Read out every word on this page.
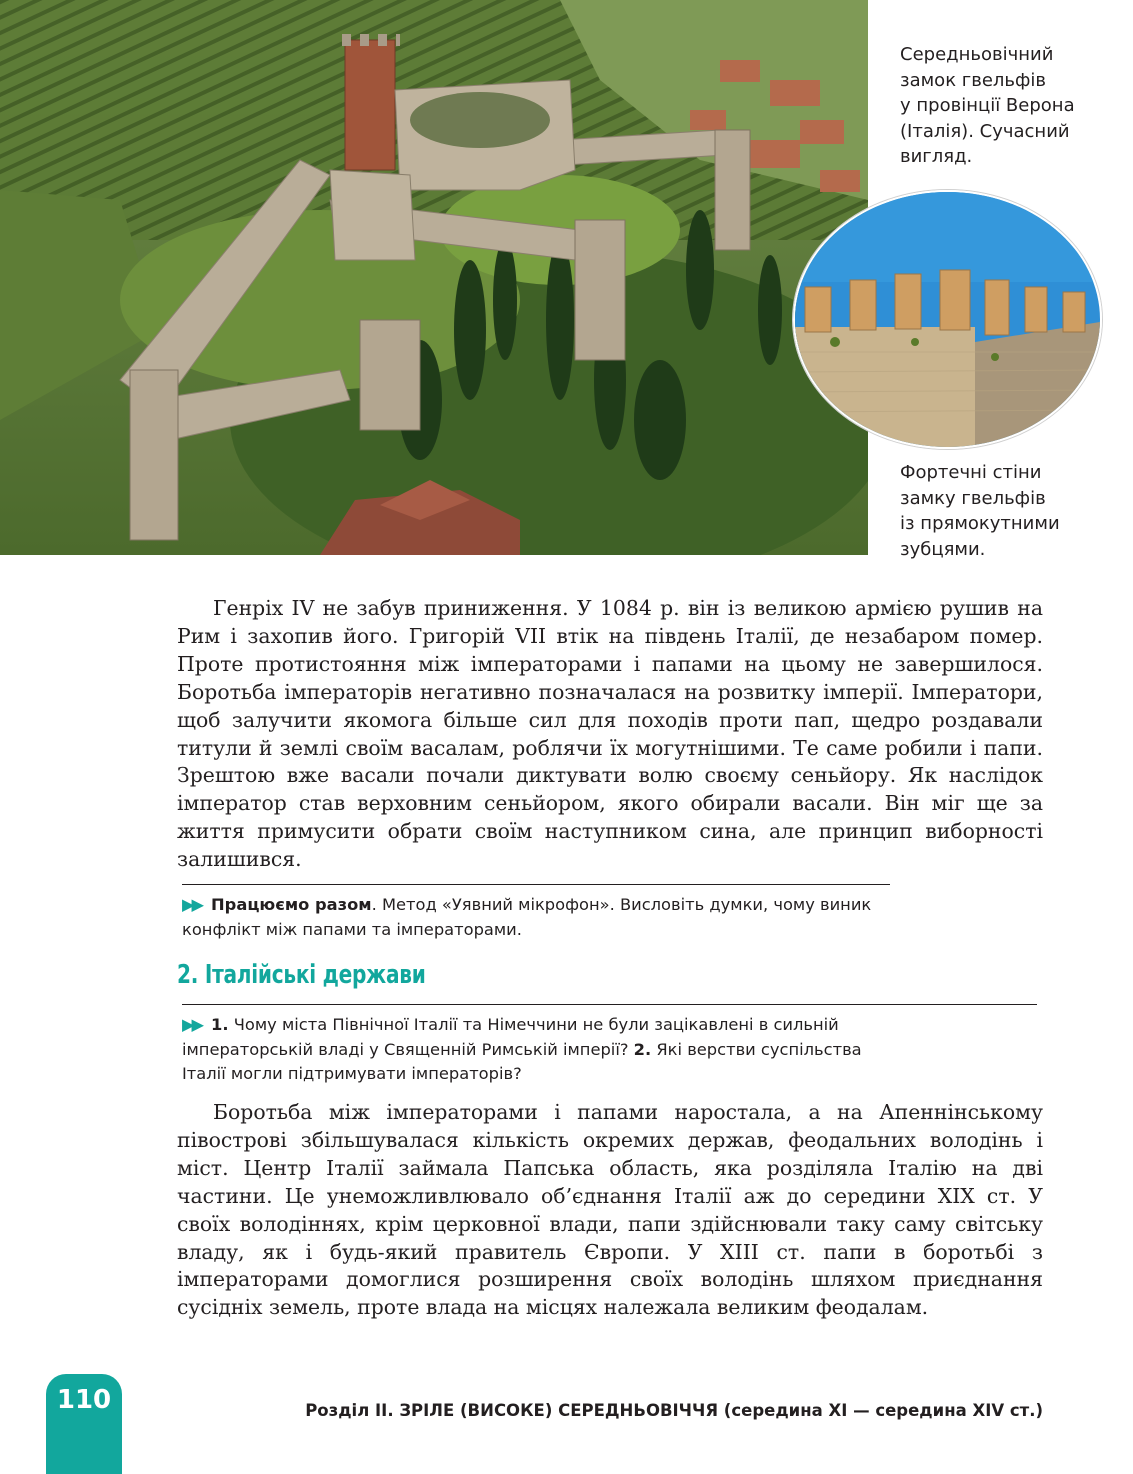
Середньовічний
замок гвельфів
у провінції Верона
(Італія). Сучасний
вигляд.
Фортечні стіни
замку гвельфів
із прямокутними
зубцями.

Генріх IV не забув приниження. У 1084 р. він із великою армією рушив на Рим і захопив його. Григорій VII втік на південь Італії, де незабаром помер. Проте протистояння між імператорами і папами на цьому не завершилося. Боротьба імператорів негативно позначалася на розвитку імперії. Імператори, щоб залучити якомога більше сил для походів проти пап, щедро роздавали титули й землі своїм васалам, роблячи їх могутнішими. Те саме робили і папи. Зрештою вже васали почали диктувати волю своєму сеньйору. Як наслідок імператор став верховним сеньйором, якого обирали васали. Він міг ще за життя примусити обрати своїм наступником сина, але принцип виборності залишився.

▶▶ Працюємо разом. Метод «Уявний мікрофон». Висловіть думки, чому виник конфлікт між папами та імператорами.
2. Італійські держави
▶▶ 1. Чому міста Північної Італії та Німеччини не були зацікавлені в сильній імператорській владі у Священній Римській імперії? 2. Які верстви суспільства Італії могли підтримувати імператорів?

Боротьба між імператорами і папами наростала, а на Апеннінському півострові збільшувалася кількість окремих держав, феодальних володінь і міст. Центр Італії займала Папська область, яка розділяла Італію на дві частини. Це унеможливлювало об’єднання Італії аж до середини XIX ст. У своїх володіннях, крім церковної влади, папи здійснювали таку саму світську владу, як і будь-який правитель Європи. У XIII ст. папи в боротьбі з імператорами домоглися розширення своїх володінь шляхом приєднання сусідніх земель, проте влада на місцях належала великим феодалам.

110	Розділ ІІ. ЗРІЛЕ (ВИСОКЕ) СЕРЕДНЬОВІЧЧЯ (середина XI — середина XIV ст.)
